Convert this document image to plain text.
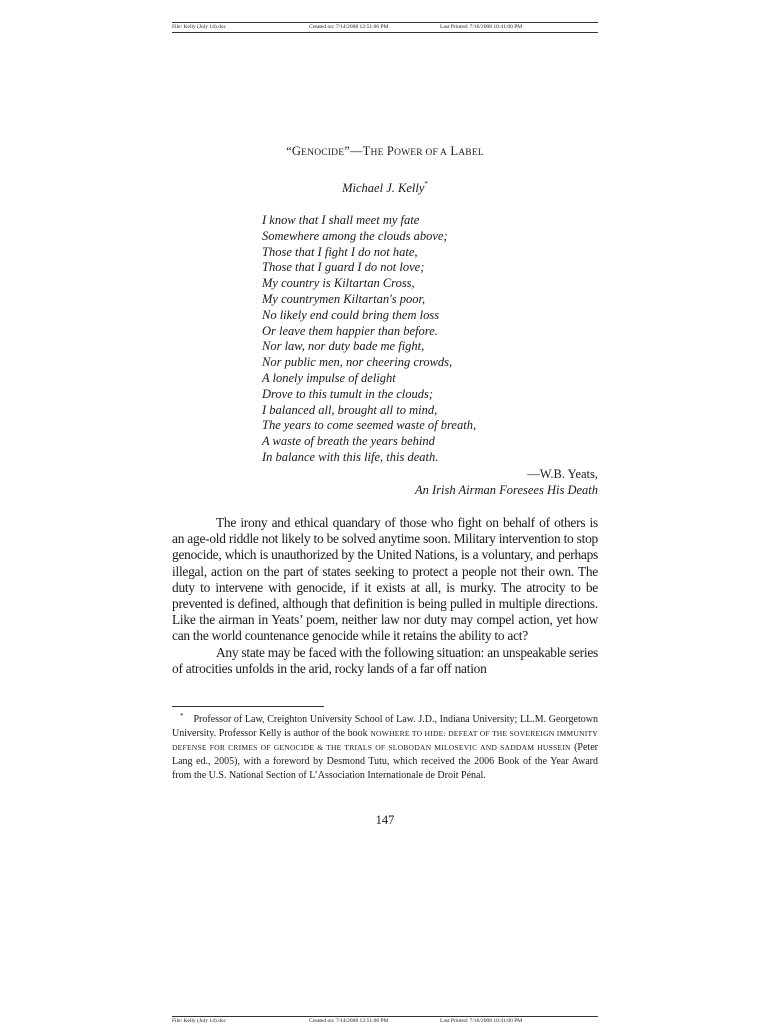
File: Kelly (July 14).doc	Created on: 7/14/2008 12:51:00 PM	Last Printed: 7/16/2008 10:41:00 PM
“GENOCIDE”—THE POWER OF A LABEL
Michael J. Kelly*
I know that I shall meet my fate
Somewhere among the clouds above;
Those that I fight I do not hate,
Those that I guard I do not love;
My country is Kiltartan Cross,
My countrymen Kiltartan's poor,
No likely end could bring them loss
Or leave them happier than before.
Nor law, nor duty bade me fight,
Nor public men, nor cheering crowds,
A lonely impulse of delight
Drove to this tumult in the clouds;
I balanced all, brought all to mind,
The years to come seemed waste of breath,
A waste of breath the years behind
In balance with this life, this death.
—W.B. Yeats,
An Irish Airman Foresees His Death

The irony and ethical quandary of those who fight on behalf of others is an age-old riddle not likely to be solved anytime soon. Military intervention to stop genocide, which is unauthorized by the United Nations, is a voluntary, and perhaps illegal, action on the part of states seeking to protect a people not their own. The duty to intervene with genocide, if it exists at all, is murky. The atrocity to be prevented is defined, although that definition is being pulled in multiple directions. Like the airman in Yeats’ poem, neither law nor duty may compel action, yet how can the world countenance genocide while it retains the ability to act?

Any state may be faced with the following situation: an unspeakable series of atrocities unfolds in the arid, rocky lands of a far off nation

* Professor of Law, Creighton University School of Law. J.D., Indiana University; LL.M. Georgetown University. Professor Kelly is author of the book NOWHERE TO HIDE: DEFEAT OF THE SOVEREIGN IMMUNITY DEFENSE FOR CRIMES OF GENOCIDE & THE TRIALS OF SLOBODAN MILOSEVIC AND SADDAM HUSSEIN (Peter Lang ed., 2005), with a foreword by Desmond Tutu, which received the 2006 Book of the Year Award from the U.S. National Section of L’Association Internationale de Droit Pénal.
147
File: Kelly (July 14).doc	Created on: 7/14/2008 12:51:00 PM	Last Printed: 7/16/2008 10:41:00 PM
